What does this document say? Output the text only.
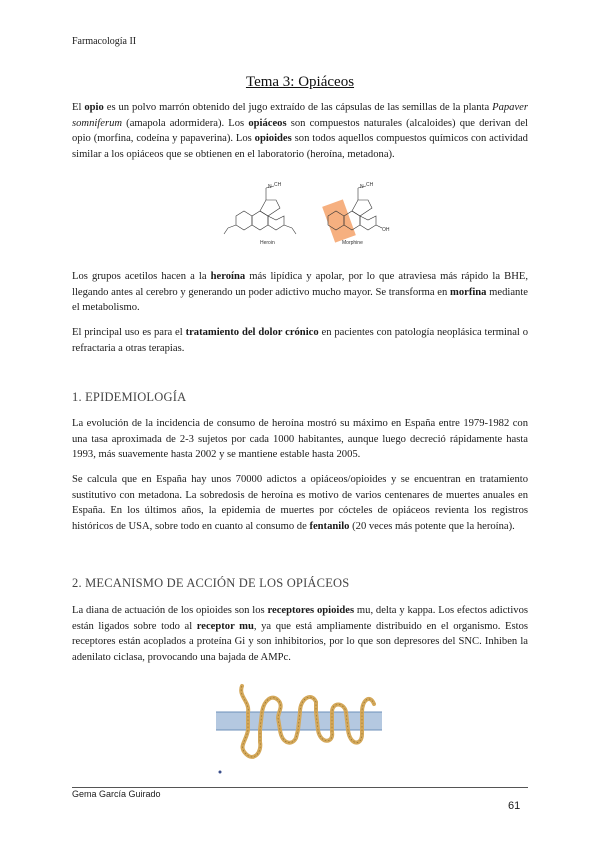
Farmacología II
Tema 3: Opiáceos
El opio es un polvo marrón obtenido del jugo extraído de las cápsulas de las semillas de la planta Papaver somniferum (amapola adormidera). Los opiáceos son compuestos naturales (alcaloides) que derivan del opio (morfina, codeína y papaverina). Los opioides son todos aquellos compuestos químicos con actividad similar a los opiáceos que se obtienen en el laboratorio (heroína, metadona).
N CH
Heroin
N CH
OH
Morphine
Los grupos acetilos hacen a la heroína más lipídica y apolar, por lo que atraviesa más rápido la BHE, llegando antes al cerebro y generando un poder adictivo mucho mayor. Se transforma en morfina mediante el metabolismo.
El principal uso es para el tratamiento del dolor crónico en pacientes con patología neoplásica terminal o refractaria a otras terapias.
1. EPIDEMIOLOGÍA
La evolución de la incidencia de consumo de heroína mostró su máximo en España entre 1979-1982 con una tasa aproximada de 2-3 sujetos por cada 1000 habitantes, aunque luego decreció rápidamente hasta 1993, más suavemente hasta 2002 y se mantiene estable hasta 2005.
Se calcula que en España hay unos 70000 adictos a opiáceos/opioides y se encuentran en tratamiento sustitutivo con metadona. La sobredosis de heroína es motivo de varios centenares de muertes anuales en España. En los últimos años, la epidemia de muertes por cócteles de opiáceos revienta los registros históricos de USA, sobre todo en cuanto al consumo de fentanilo (20 veces más potente que la heroína).
2. MECANISMO DE ACCIÓN DE LOS OPIÁCEOS
La diana de actuación de los opioides son los receptores opioides mu, delta y kappa. Los efectos adictivos están ligados sobre todo al receptor mu, ya que está ampliamente distribuido en el organismo. Estos receptores están acoplados a proteína Gi y son inhibitorios, por lo que son depresores del SNC. Inhiben la adenilato ciclasa, provocando una bajada de AMPc.
Gema García Guirado
61
